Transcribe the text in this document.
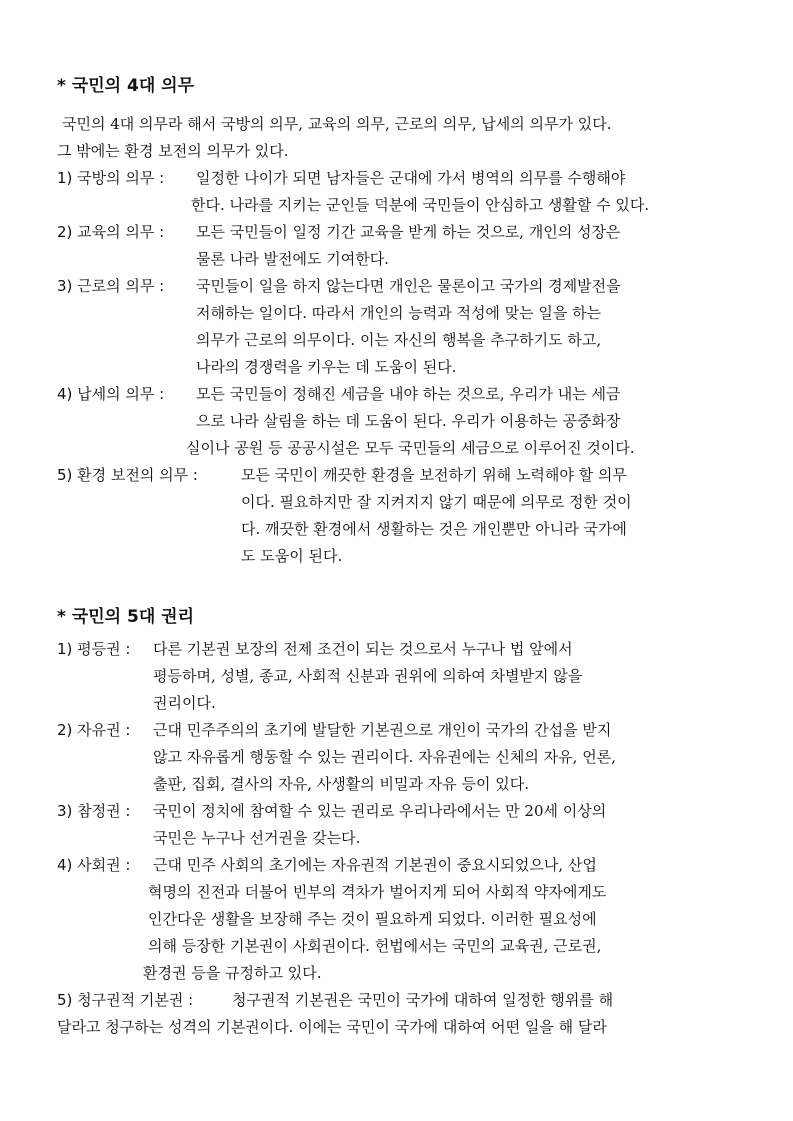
* 국민의 4대 의무
국민의 4대 의무라 해서 국방의 의무, 교육의 의무, 근로의 의무, 납세의 의무가 있다.
그 밖에는 환경 보전의 의무가 있다.
1) 국방의 의무 : 일정한 나이가 되면 남자들은 군대에 가서 병역의 의무를 수행해야
한다. 나라를 지키는 군인들 덕분에 국민들이 안심하고 생활할 수 있다.
2) 교육의 의무 : 모든 국민들이 일정 기간 교육을 받게 하는 것으로, 개인의 성장은
물론 나라 발전에도 기여한다.
3) 근로의 의무 : 국민들이 일을 하지 않는다면 개인은 물론이고 국가의 경제발전을
저해하는 일이다. 따라서 개인의 능력과 적성에 맞는 일을 하는
의무가 근로의 의무이다. 이는 자신의 행복을 추구하기도 하고,
나라의 경쟁력을 키우는 데 도움이 된다.
4) 납세의 의무 : 모든 국민들이 정해진 세금을 내야 하는 것으로, 우리가 내는 세금
으로 나라 살림을 하는 데 도움이 된다. 우리가 이용하는 공중화장
실이나 공원 등 공공시설은 모두 국민들의 세금으로 이루어진 것이다.
5) 환경 보전의 의무 :	모든 국민이 깨끗한 환경을 보전하기 위해 노력해야 할 의무
이다. 필요하지만 잘 지켜지지 않기 때문에 의무로 정한 것이
다. 깨끗한 환경에서 생활하는 것은 개인뿐만 아니라 국가에
도 도움이 된다.
* 국민의 5대 권리
1) 평등권 : 다른 기본권 보장의 전제 조건이 되는 것으로서 누구나 법 앞에서
평등하며, 성별, 종교, 사회적 신분과 권위에 의하여 차별받지 않을
권리이다.
2) 자유권 : 근대 민주주의의 초기에 발달한 기본권으로 개인이 국가의 간섭을 받지
않고 자유롭게 행동할 수 있는 권리이다. 자유권에는 신체의 자유, 언론,
출판, 집회, 결사의 자유, 사생활의 비밀과 자유 등이 있다.
3) 참정권 : 국민이 정치에 참여할 수 있는 권리로 우리나라에서는 만 20세 이상의
국민은 누구나 선거권을 갖는다.
4) 사회권 : 근대 민주 사회의 초기에는 자유권적 기본권이 중요시되었으나, 산업
혁명의 진전과 더불어 빈부의 격차가 벌어지게 되어 사회적 약자에게도
인간다운 생활을 보장해 주는 것이 필요하게 되었다. 이러한 필요성에
의해 등장한 기본권이 사회권이다. 헌법에서는 국민의 교육권, 근로권,
환경권 등을 규정하고 있다.
5) 청구권적 기본권 :	청구권적 기본권은 국민이 국가에 대하여 일정한 행위를 해
달라고 청구하는 성격의 기본권이다. 이에는 국민이 국가에 대하여 어떤 일을 해 달라
